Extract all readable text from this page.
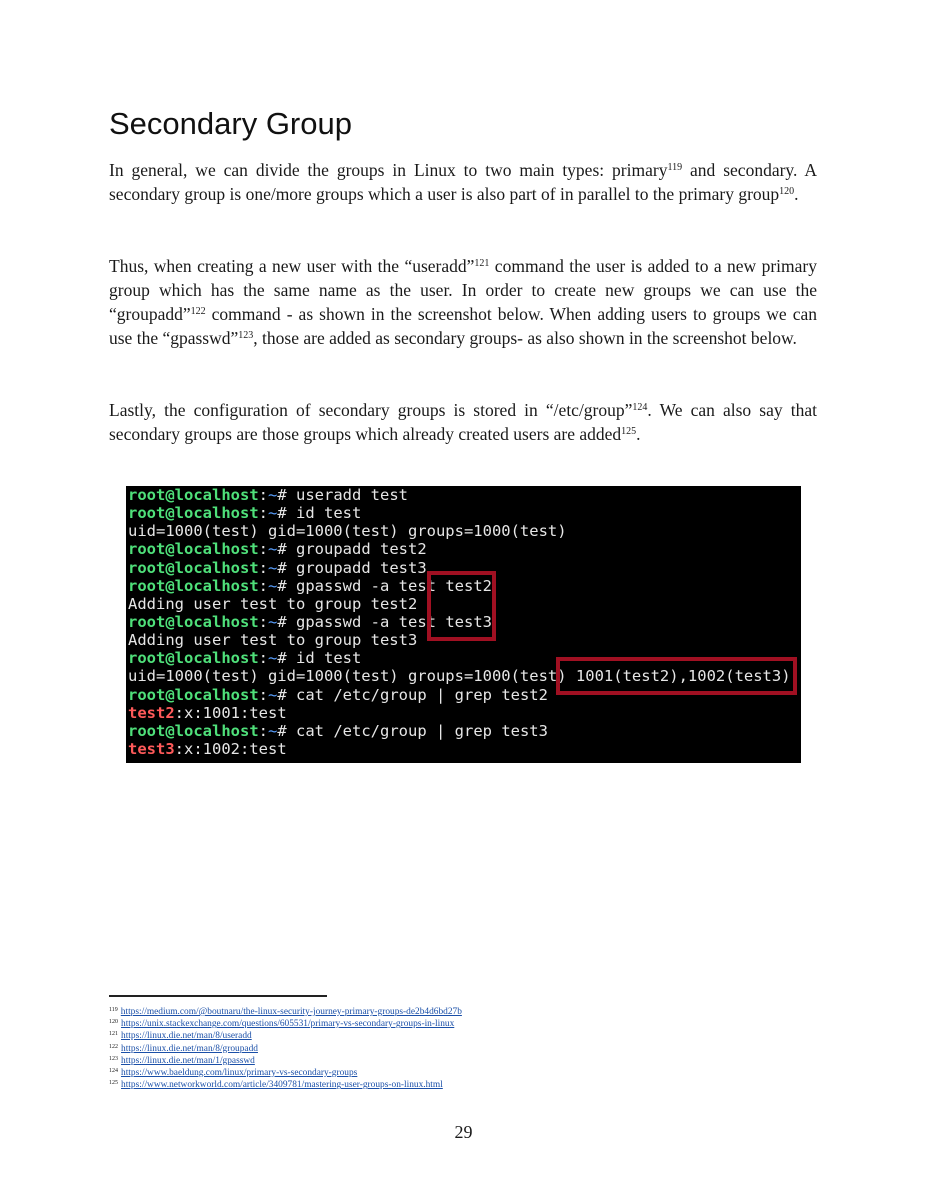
Secondary Group

In general, we can divide the groups in Linux to two main types: primary$^{119}$ and secondary. A secondary group is one/more groups which a user is also part of in parallel to the primary group$^{120}$.

Thus, when creating a new user with the “useradd”$^{121}$ command the user is added to a new primary group which has the same name as the user. In order to create new groups we can use the “groupadd”$^{122}$ command - as shown in the screenshot below. When adding users to groups we can use the “gpasswd”$^{123}$, those are added as secondary groups- as also shown in the screenshot below.

Lastly, the configuration of secondary groups is stored in “/etc/group”$^{124}$. We can also say that secondary groups are those groups which already created users are added$^{125}$.

root@localhost:~# useradd test
root@localhost:~# id test
uid=1000(test) gid=1000(test) groups=1000(test)
root@localhost:~# groupadd test2
root@localhost:~# groupadd test3
root@localhost:~# gpasswd -a test test2
Adding user test to group test2
root@localhost:~# gpasswd -a test test3
Adding user test to group test3
root@localhost:~# id test
uid=1000(test) gid=1000(test) groups=1000(test) 1001(test2),1002(test3)
root@localhost:~# cat /etc/group | grep test2
test2:x:1001:test
root@localhost:~# cat /etc/group | grep test3
test3:x:1002:test
$^{119}$ https://medium.com/@boutnaru/the-linux-security-journey-primary-groups-de2b4d6bd27b
$^{120}$ https://unix.stackexchange.com/questions/605531/primary-vs-secondary-groups-in-linux
$^{121}$ https://linux.die.net/man/8/useradd
$^{122}$ https://linux.die.net/man/8/groupadd
$^{123}$ https://linux.die.net/man/1/gpasswd
$^{124}$ https://www.baeldung.com/linux/primary-vs-secondary-groups
$^{125}$ https://www.networkworld.com/article/3409781/mastering-user-groups-on-linux.html
29
